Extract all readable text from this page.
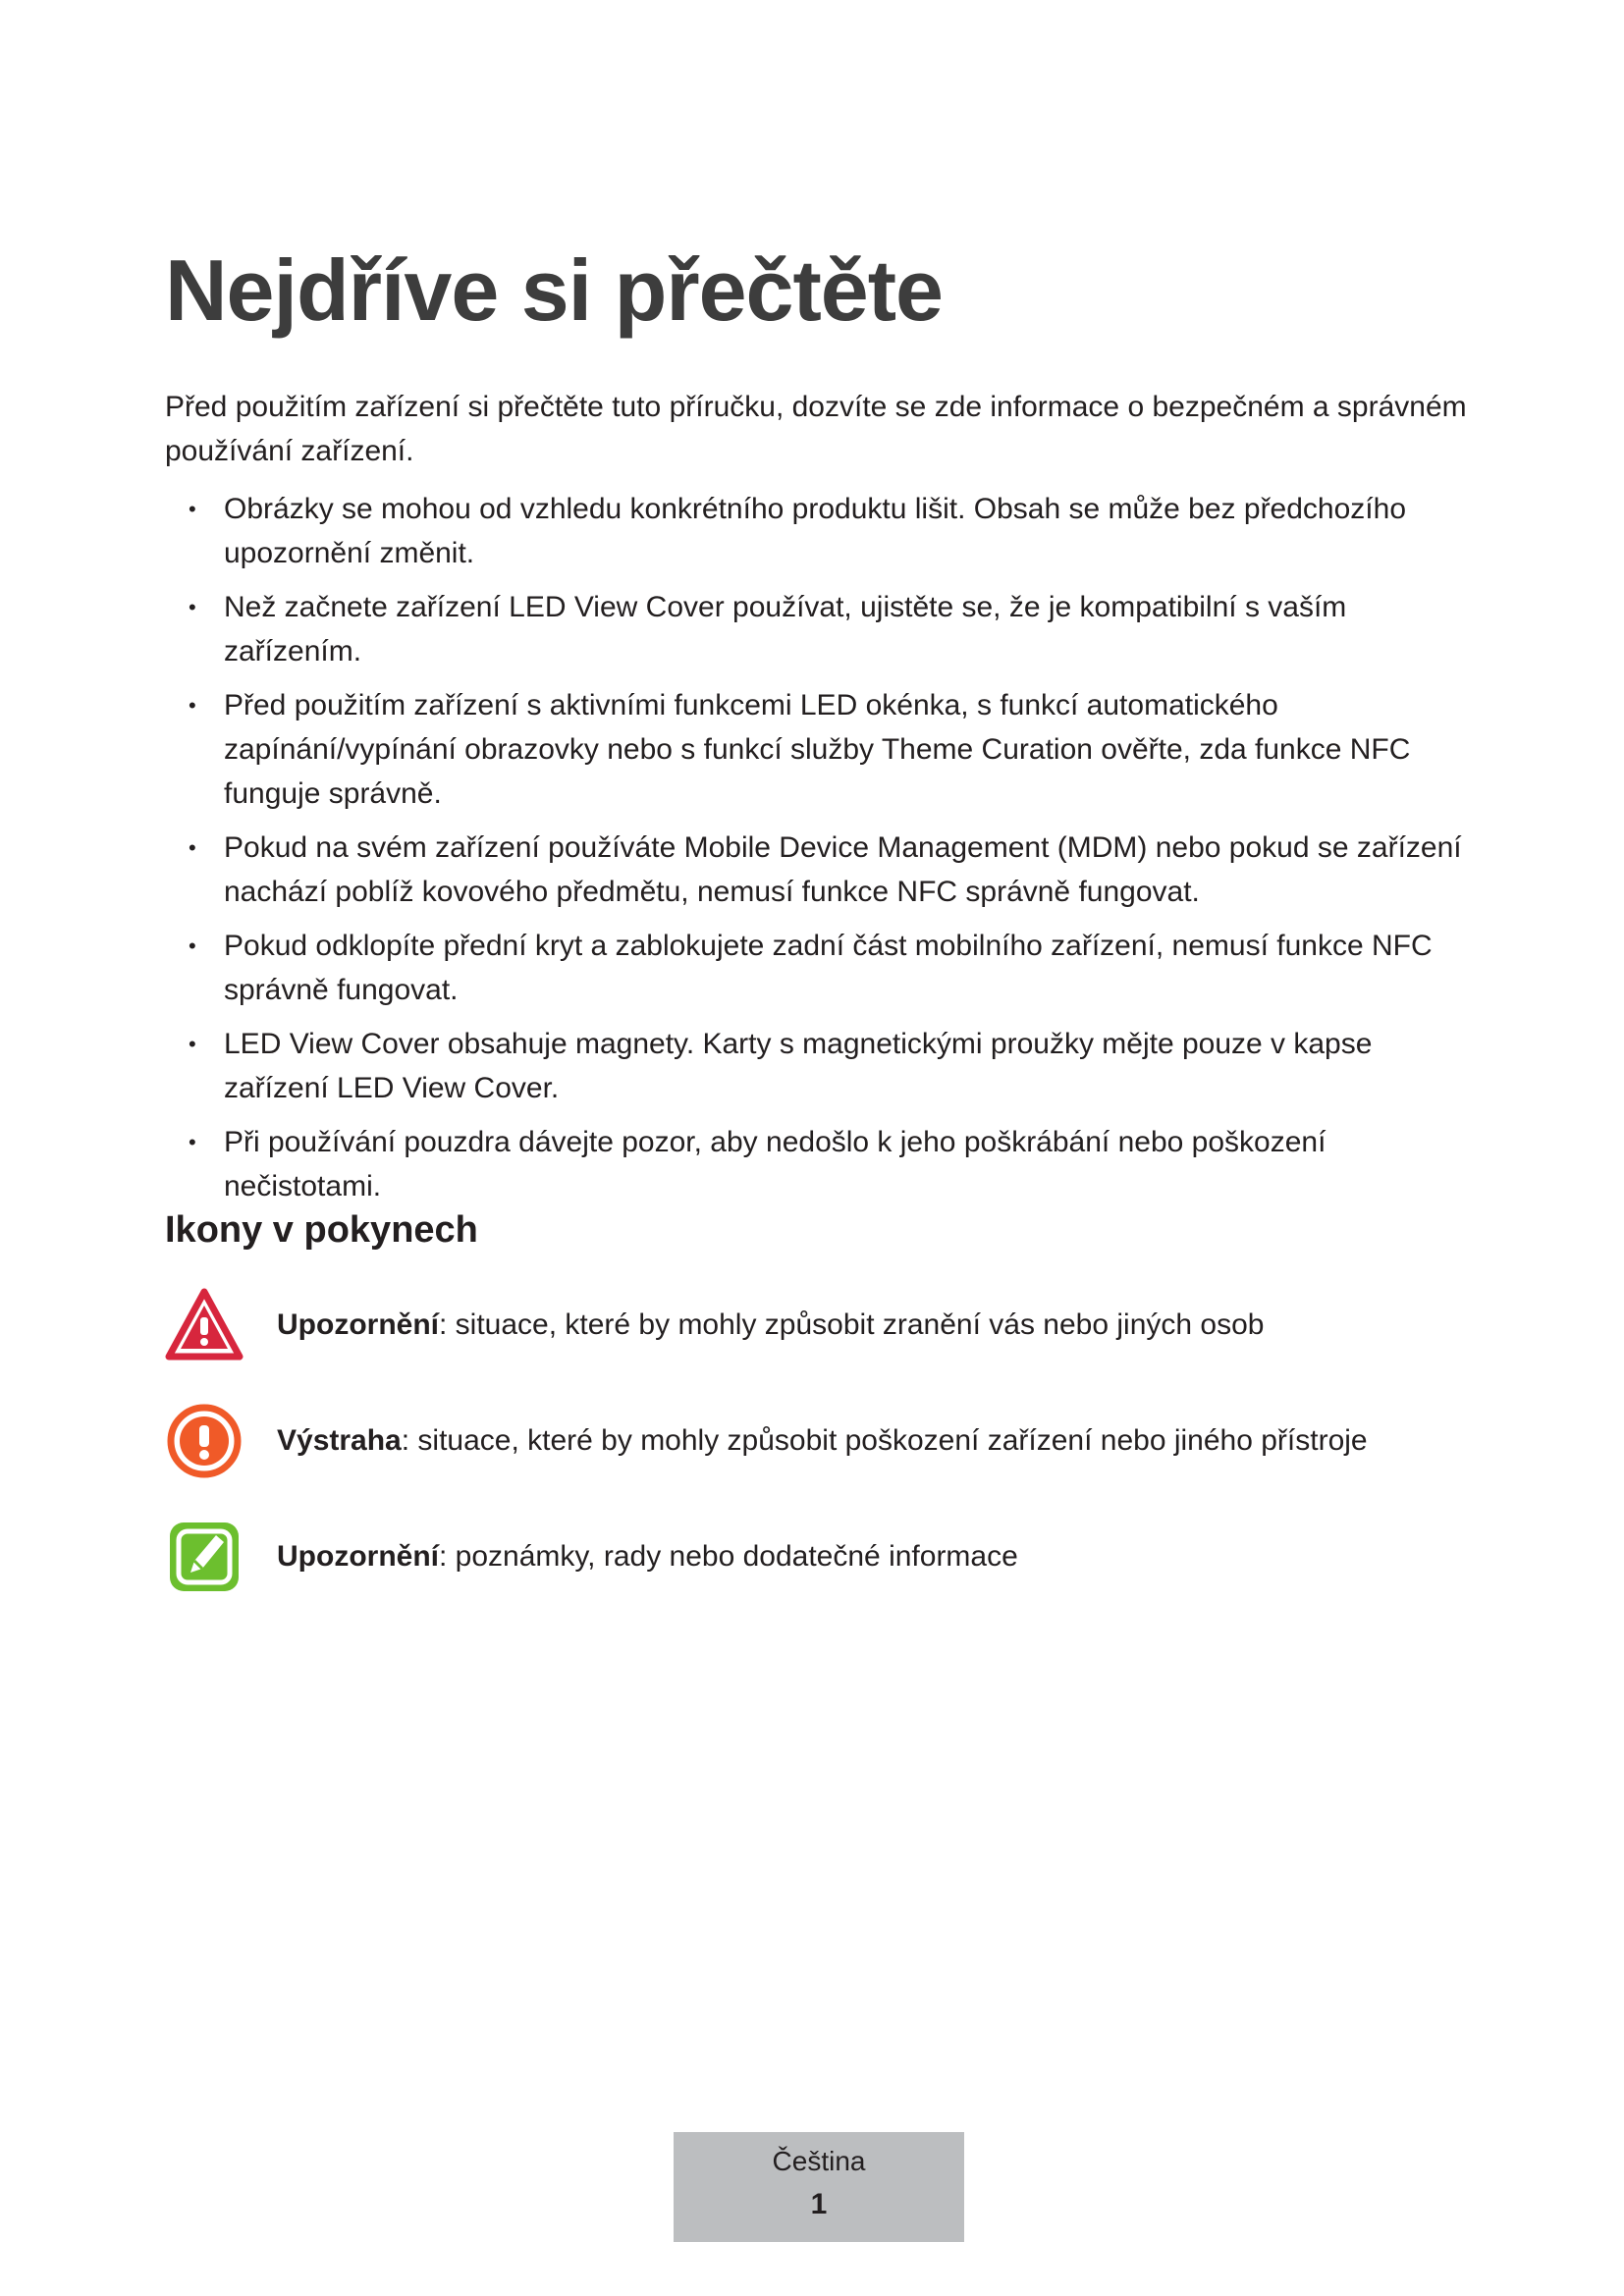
Nejdříve si přečtěte

Před použitím zařízení si přečtěte tuto příručku, dozvíte se zde informace o bezpečném a správném používání zařízení.

• Obrázky se mohou od vzhledu konkrétního produktu lišit. Obsah se může bez předchozího upozornění změnit.
• Než začnete zařízení LED View Cover používat, ujistěte se, že je kompatibilní s vaším zařízením.
• Před použitím zařízení s aktivními funkcemi LED okénka, s funkcí automatického zapínání/vypínání obrazovky nebo s funkcí služby Theme Curation ověřte, zda funkce NFC funguje správně.
• Pokud na svém zařízení používáte Mobile Device Management (MDM) nebo pokud se zařízení nachází poblíž kovového předmětu, nemusí funkce NFC správně fungovat.
• Pokud odklopíte přední kryt a zablokujete zadní část mobilního zařízení, nemusí funkce NFC správně fungovat.
• LED View Cover obsahuje magnety. Karty s magnetickými proužky mějte pouze v kapse zařízení LED View Cover.
• Při používání pouzdra dávejte pozor, aby nedošlo k jeho poškrábání nebo poškození nečistotami.
Ikony v pokynech
Upozornění: situace, které by mohly způsobit zranění vás nebo jiných osob
Výstraha: situace, které by mohly způsobit poškození zařízení nebo jiného přístroje
Upozornění: poznámky, rady nebo dodatečné informace
Čeština
1
